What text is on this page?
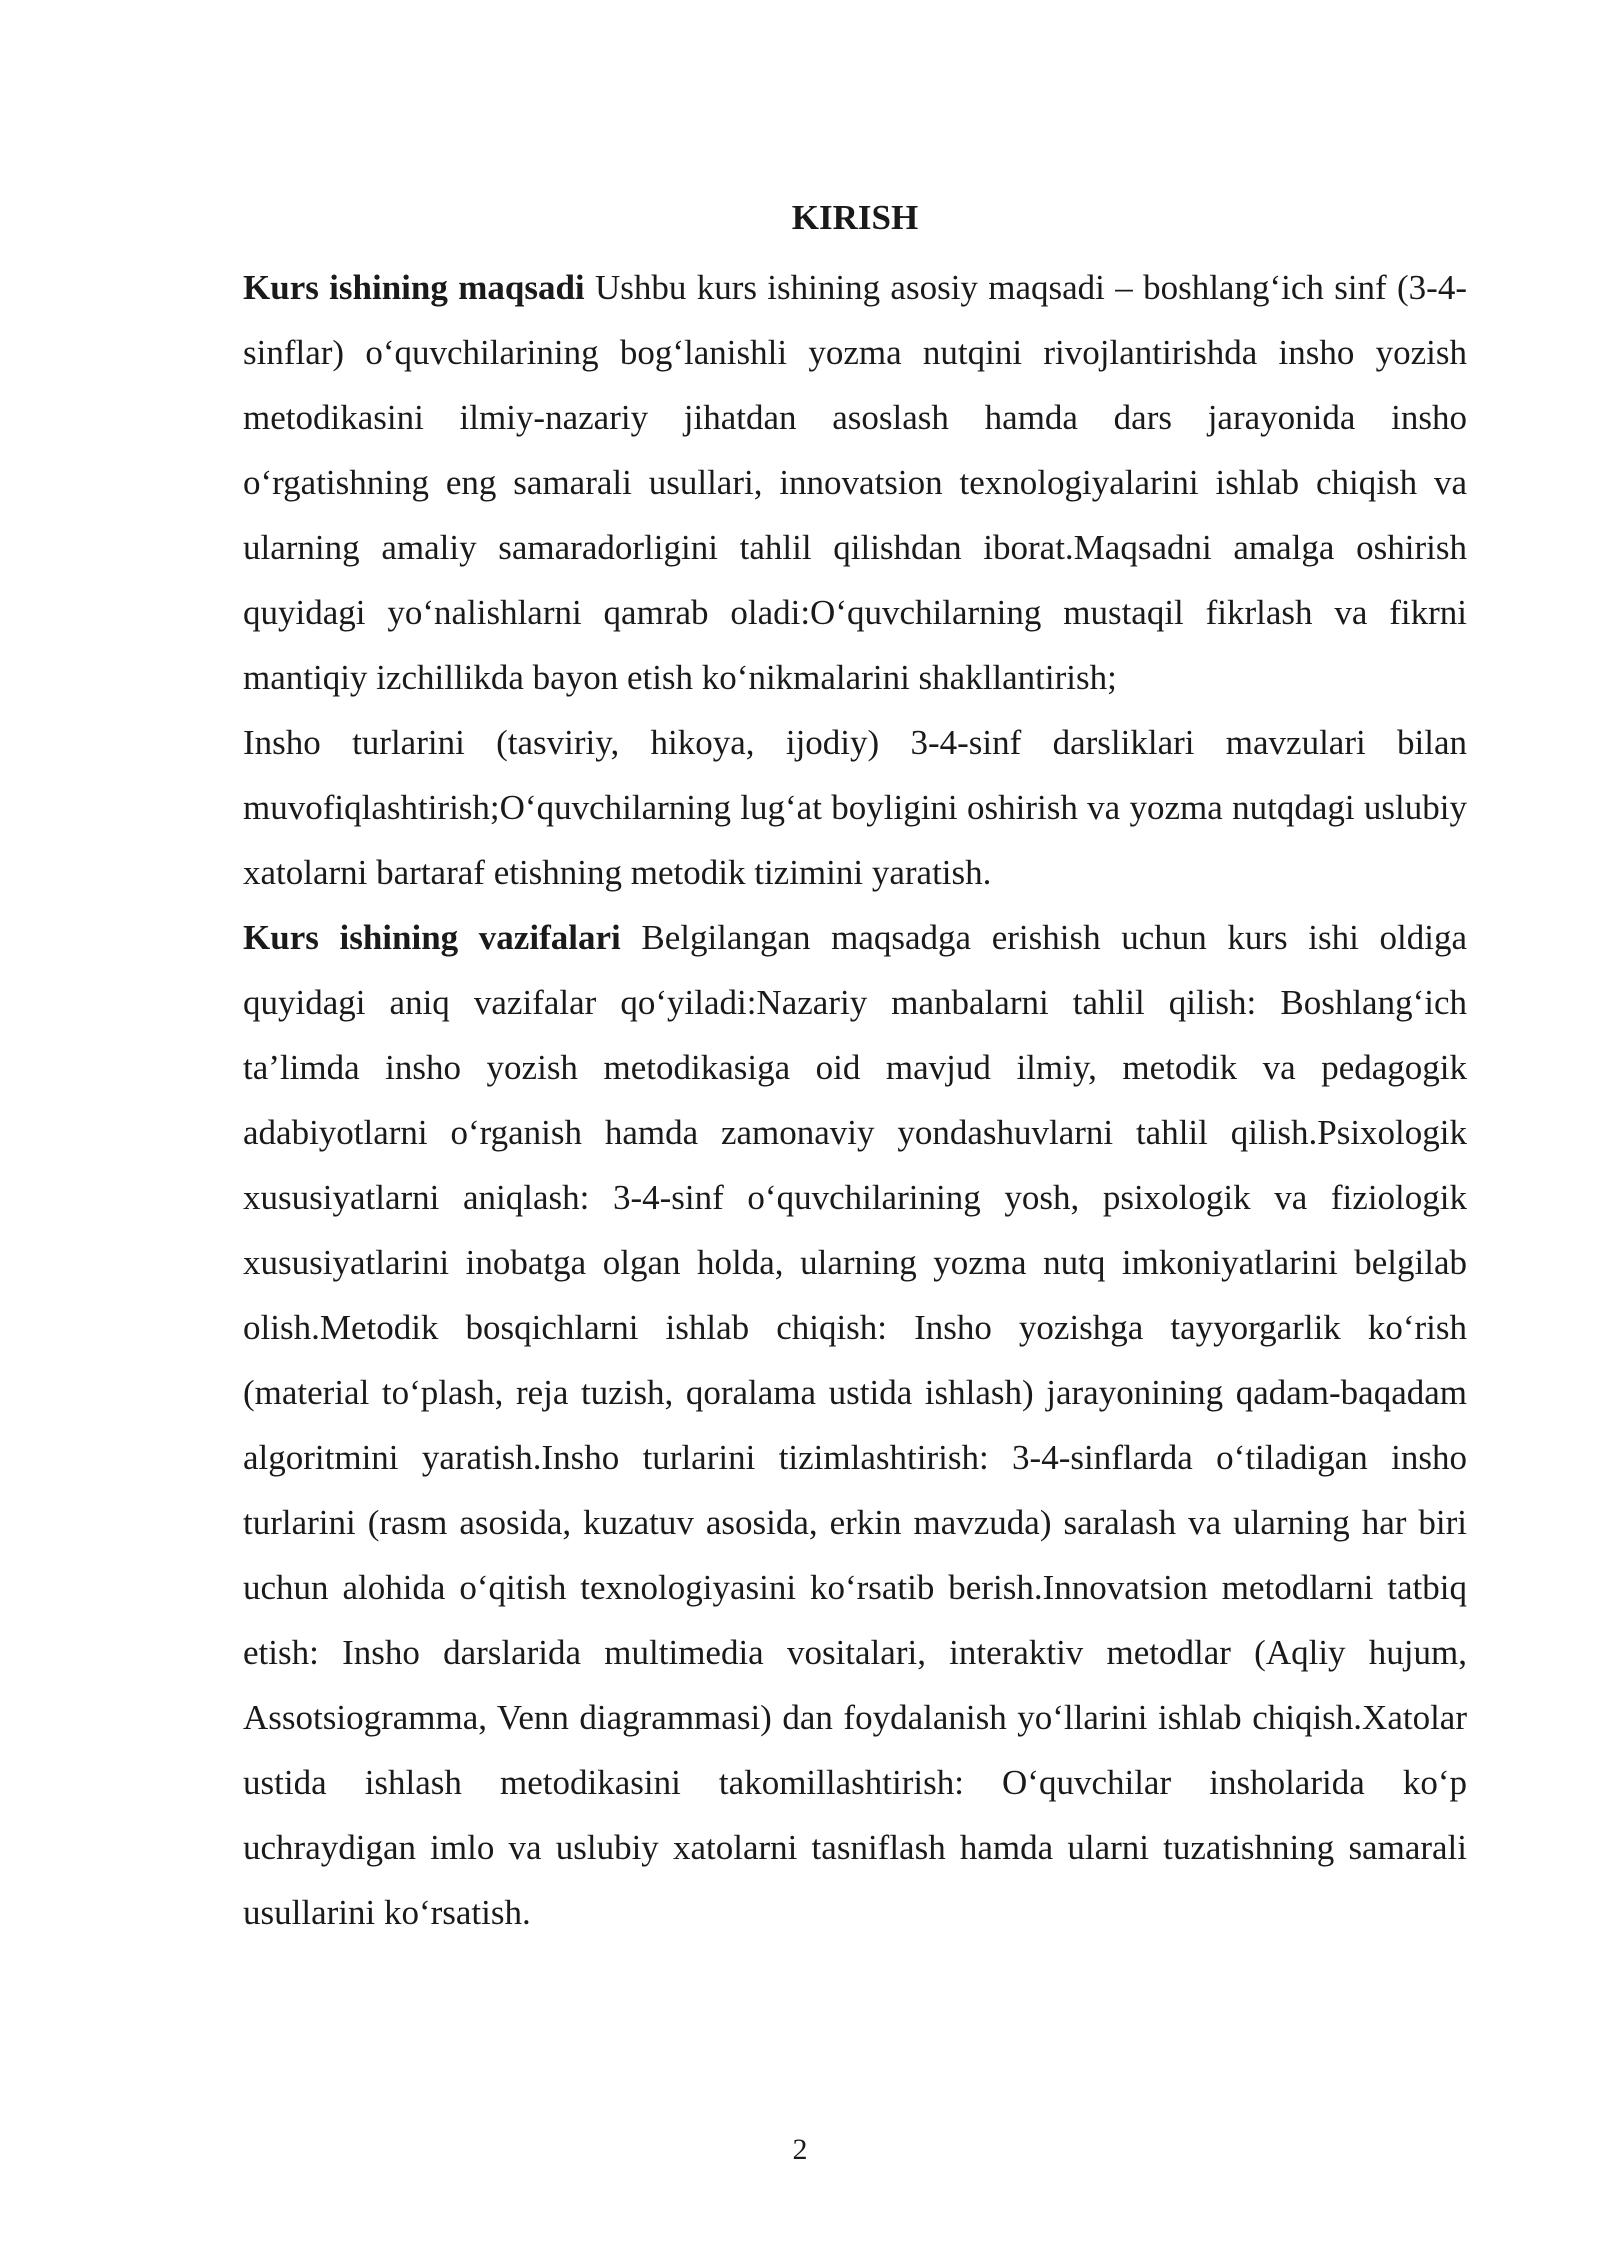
KIRISH

Kurs ishining maqsadi Ushbu kurs ishining asosiy maqsadi – boshlang‘ich sinf (3-4-sinflar) o‘quvchilarining bog‘lanishli yozma nutqini rivojlantirishda insho yozish metodikasini ilmiy-nazariy jihatdan asoslash hamda dars jarayonida insho o‘rgatishning eng samarali usullari, innovatsion texnologiyalarini ishlab chiqish va ularning amaliy samaradorligini tahlil qilishdan iborat.Maqsadni amalga oshirish quyidagi yo‘nalishlarni qamrab oladi:O‘quvchilarning mustaqil fikrlash va fikrni mantiqiy izchillikda bayon etish ko‘nikmalarini shakllantirish;

Insho turlarini (tasviriy, hikoya, ijodiy) 3-4-sinf darsliklari mavzulari bilan muvofiqlashtirish;O‘quvchilarning lug‘at boyligini oshirish va yozma nutqdagi uslubiy xatolarni bartaraf etishning metodik tizimini yaratish.

Kurs ishining vazifalari Belgilangan maqsadga erishish uchun kurs ishi oldiga quyidagi aniq vazifalar qo‘yiladi:Nazariy manbalarni tahlil qilish: Boshlang‘ich ta’limda insho yozish metodikasiga oid mavjud ilmiy, metodik va pedagogik adabiyotlarni o‘rganish hamda zamonaviy yondashuvlarni tahlil qilish.Psixologik xususiyatlarni aniqlash: 3-4-sinf o‘quvchilarining yosh, psixologik va fiziologik xususiyatlarini inobatga olgan holda, ularning yozma nutq imkoniyatlarini belgilab olish.Metodik bosqichlarni ishlab chiqish: Insho yozishga tayyorgarlik ko‘rish (material to‘plash, reja tuzish, qoralama ustida ishlash) jarayonining qadam-baqadam algoritmini yaratish.Insho turlarini tizimlashtirish: 3-4-sinflarda o‘tiladigan insho turlarini (rasm asosida, kuzatuv asosida, erkin mavzuda) saralash va ularning har biri uchun alohida o‘qitish texnologiyasini ko‘rsatib berish.Innovatsion metodlarni tatbiq etish: Insho darslarida multimedia vositalari, interaktiv metodlar (Aqliy hujum, Assotsiogramma, Venn diagrammasi) dan foydalanish yo‘llarini ishlab chiqish.Xatolar ustida ishlash metodikasini takomillashtirish: O‘quvchilar insholarida ko‘p uchraydigan imlo va uslubiy xatolarni tasniflash hamda ularni tuzatishning samarali usullarini ko‘rsatish.

2
